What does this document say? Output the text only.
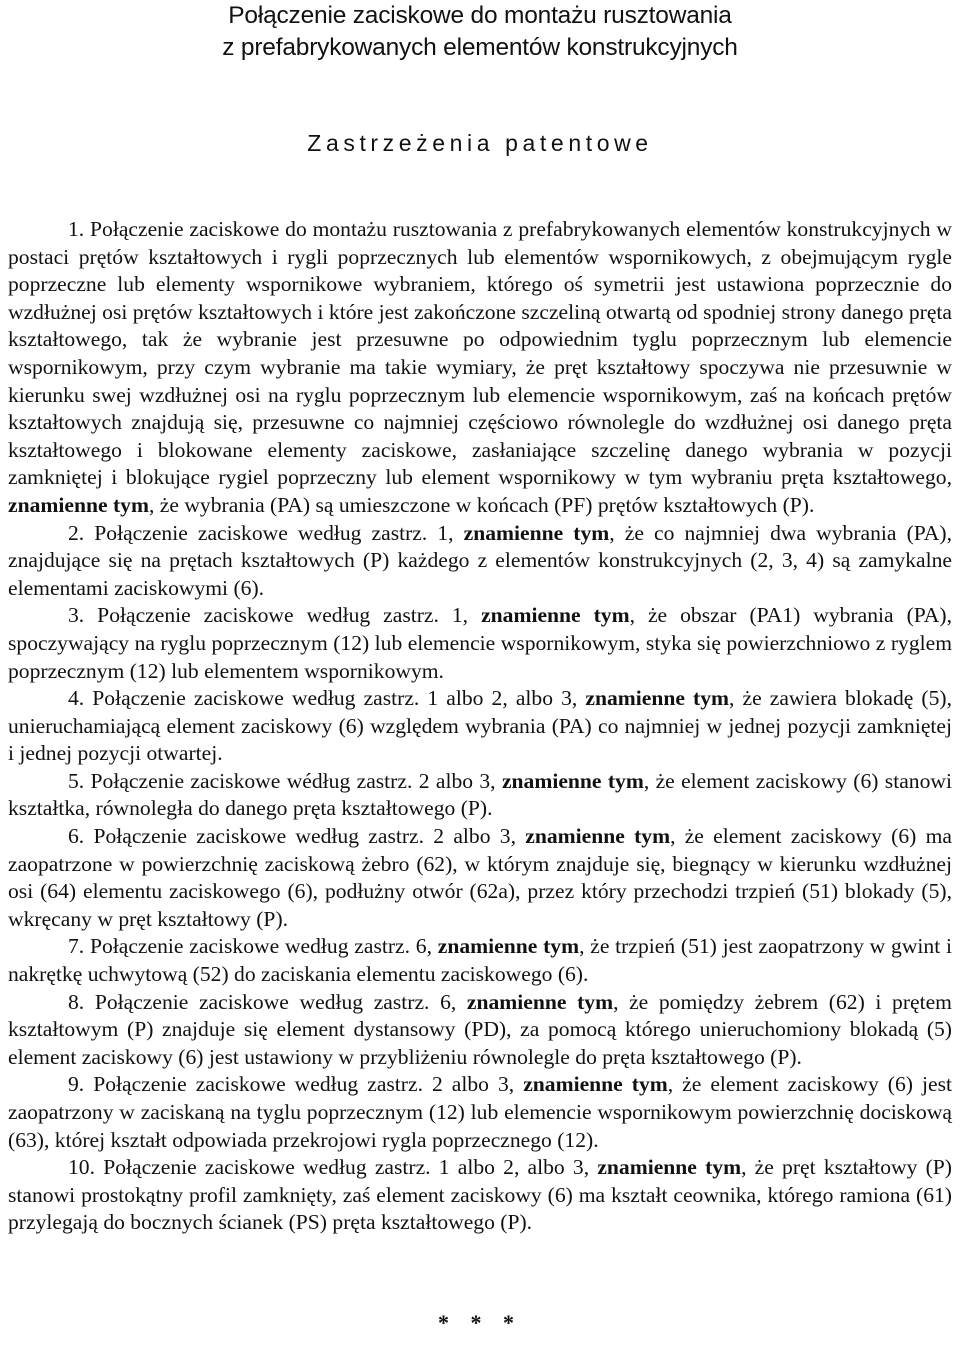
Połączenie zaciskowe do montażu rusztowania
z prefabrykowanych elementów konstrukcyjnych
Zastrzeżenia patentowe

1. Połączenie zaciskowe do montażu rusztowania z prefabrykowanych elementów konstrukcyjnych w postaci prętów kształtowych i rygli poprzecznych lub elementów wspornikowych, z obejmującym rygle poprzeczne lub elementy wspornikowe wybraniem, którego oś symetrii jest ustawiona poprzecznie do wzdłużnej osi prętów kształtowych i które jest zakończone szczeliną otwartą od spodniej strony danego pręta kształtowego, tak że wybranie jest przesuwne po odpowiednim tyglu poprzecznym lub elemencie wspornikowym, przy czym wybranie ma takie wymiary, że pręt kształtowy spoczywa nie przesuwnie w kierunku swej wzdłużnej osi na ryglu poprzecznym lub elemencie wspornikowym, zaś na końcach prętów kształtowych znajdują się, przesuwne co najmniej częściowo równolegle do wzdłużnej osi danego pręta kształtowego i blokowane elementy zaciskowe, zasłaniające szczelinę danego wybrania w pozycji zamkniętej i blokujące rygiel poprzeczny lub element wspornikowy w tym wybraniu pręta kształtowego, znamienne tym, że wybrania (PA) są umieszczone w końcach (PF) prętów kształtowych (P).

2. Połączenie zaciskowe według zastrz. 1, znamienne tym, że co najmniej dwa wybrania (PA), znajdujące się na prętach kształtowych (P) każdego z elementów konstrukcyjnych (2, 3, 4) są zamykalne elementami zaciskowymi (6).

3. Połączenie zaciskowe według zastrz. 1, znamienne tym, że obszar (PA1) wybrania (PA), spoczywający na ryglu poprzecznym (12) lub elemencie wspornikowym, styka się powierzchniowo z ryglem poprzecznym (12) lub elementem wspornikowym.

4. Połączenie zaciskowe według zastrz. 1 albo 2, albo 3, znamienne tym, że zawiera blokadę (5), unieruchamiającą element zaciskowy (6) względem wybrania (PA) co najmniej w jednej pozycji zamkniętej i jednej pozycji otwartej.

5. Połączenie zaciskowe wédług zastrz. 2 albo 3, znamienne tym, że element zaciskowy (6) stanowi kształtka, równoległa do danego pręta kształtowego (P).

6. Połączenie zaciskowe według zastrz. 2 albo 3, znamienne tym, że element zaciskowy (6) ma zaopatrzone w powierzchnię zaciskową żebro (62), w którym znajduje się, biegnący w kierunku wzdłużnej osi (64) elementu zaciskowego (6), podłużny otwór (62a), przez który przechodzi trzpień (51) blokady (5), wkręcany w pręt kształtowy (P).

7. Połączenie zaciskowe według zastrz. 6, znamienne tym, że trzpień (51) jest zaopatrzony w gwint i nakrętkę uchwytową (52) do zaciskania elementu zaciskowego (6).

8. Połączenie zaciskowe według zastrz. 6, znamienne tym, że pomiędzy żebrem (62) i prętem kształtowym (P) znajduje się element dystansowy (PD), za pomocą którego unieruchomiony blokadą (5) element zaciskowy (6) jest ustawiony w przybliżeniu równolegle do pręta kształtowego (P).

9. Połączenie zaciskowe według zastrz. 2 albo 3, znamienne tym, że element zaciskowy (6) jest zaopatrzony w zaciskaną na tyglu poprzecznym (12) lub elemencie wspornikowym powierzchnię dociskową (63), której kształt odpowiada przekrojowi rygla poprzecznego (12).

10. Połączenie zaciskowe według zastrz. 1 albo 2, albo 3, znamienne tym, że pręt kształtowy (P) stanowi prostokątny profil zamknięty, zaś element zaciskowy (6) ma kształt ceownika, którego ramiona (61) przylegają do bocznych ścianek (PS) pręta kształtowego (P).

* * *
